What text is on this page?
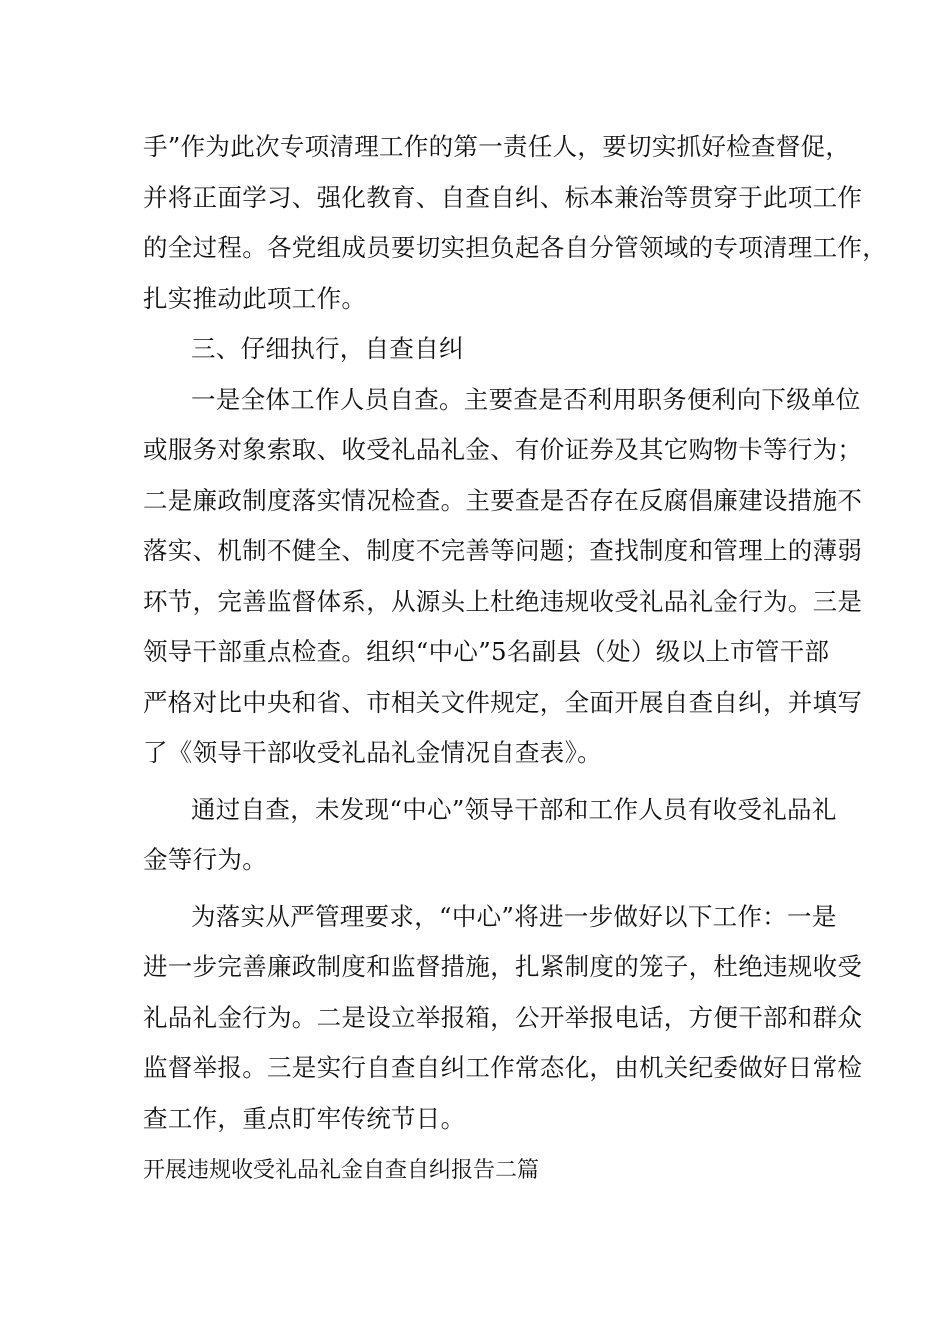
手”作为此次专项清理工作的第一责任人，要切实抓好检查督促，
并将正面学习、强化教育、自查自纠、标本兼治等贯穿于此项工作
的全过程。各党组成员要切实担负起各自分管领域的专项清理工作，
扎实推动此项工作。
三、仔细执行，自查自纠
一是全体工作人员自查。主要查是否利用职务便利向下级单位
或服务对象索取、收受礼品礼金、有价证券及其它购物卡等行为；
二是廉政制度落实情况检查。主要查是否存在反腐倡廉建设措施不
落实、机制不健全、制度不完善等问题；查找制度和管理上的薄弱
环节，完善监督体系，从源头上杜绝违规收受礼品礼金行为。三是
领导干部重点检查。组织“中心”5名副县（处）级以上市管干部
严格对比中央和省、市相关文件规定，全面开展自查自纠，并填写
了《领导干部收受礼品礼金情况自查表》。
通过自查，未发现“中心”领导干部和工作人员有收受礼品礼
金等行为。
为落实从严管理要求，“中心”将进一步做好以下工作：一是
进一步完善廉政制度和监督措施，扎紧制度的笼子，杜绝违规收受
礼品礼金行为。二是设立举报箱，公开举报电话，方便干部和群众
监督举报。三是实行自查自纠工作常态化，由机关纪委做好日常检
查工作，重点盯牢传统节日。
开展违规收受礼品礼金自查自纠报告二篇
